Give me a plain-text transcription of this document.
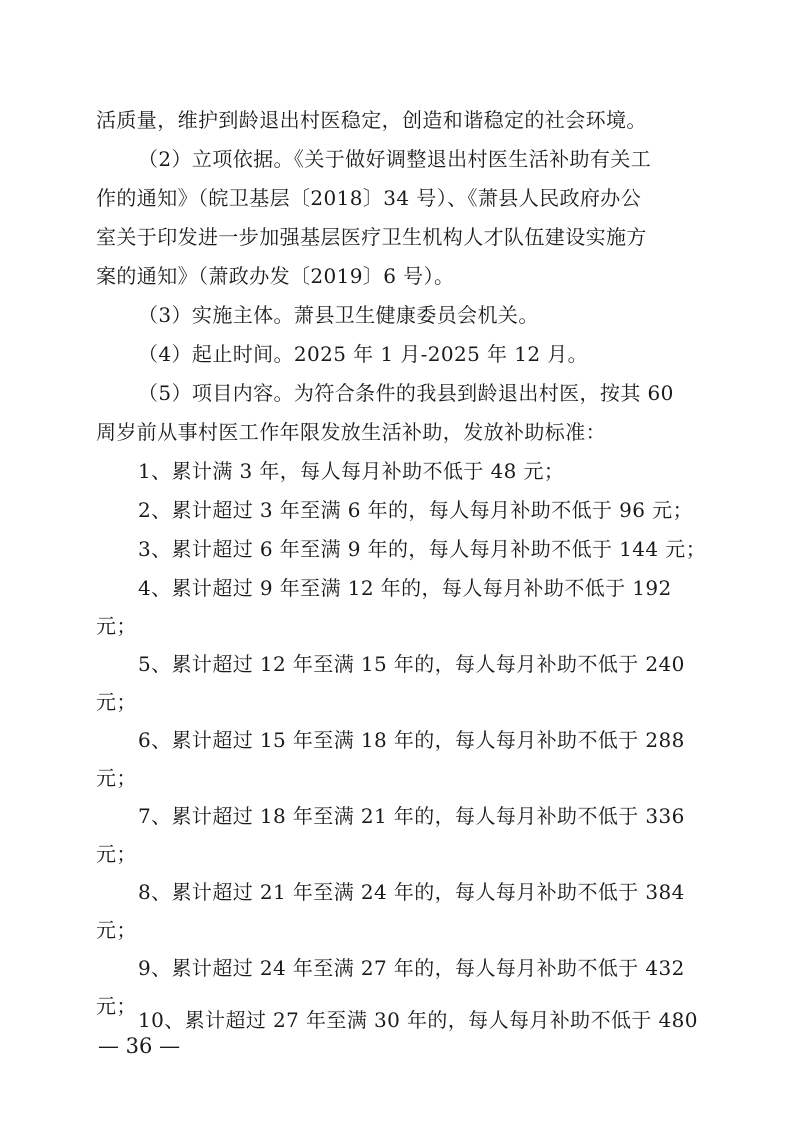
活质量，维护到龄退出村医稳定，创造和谐稳定的社会环境。

（2）立项依据。《关于做好调整退出村医生活补助有关工

作的通知》（皖卫基层〔2018〕34 号）、《萧县人民政府办公

室关于印发进一步加强基层医疗卫生机构人才队伍建设实施方

案的通知》（萧政办发〔2019〕6 号）。

（3）实施主体。萧县卫生健康委员会机关。

（4）起止时间。2025 年 1 月-2025 年 12 月。

（5）项目内容。为符合条件的我县到龄退出村医，按其 60

周岁前从事村医工作年限发放生活补助，发放补助标准：

1、累计满 3 年，每人每月补助不低于 48 元；

2、累计超过 3 年至满 6 年的，每人每月补助不低于 96 元；

3、累计超过 6 年至满 9 年的，每人每月补助不低于 144 元；

4、累计超过 9 年至满 12 年的，每人每月补助不低于 192

元；

5、累计超过 12 年至满 15 年的，每人每月补助不低于 240

元；

6、累计超过 15 年至满 18 年的，每人每月补助不低于 288

元；

7、累计超过 18 年至满 21 年的，每人每月补助不低于 336

元；

8、累计超过 21 年至满 24 年的，每人每月补助不低于 384

元；

9、累计超过 24 年至满 27 年的，每人每月补助不低于 432

元；

10、累计超过 27 年至满 30 年的，每人每月补助不低于 480

— 36 —
